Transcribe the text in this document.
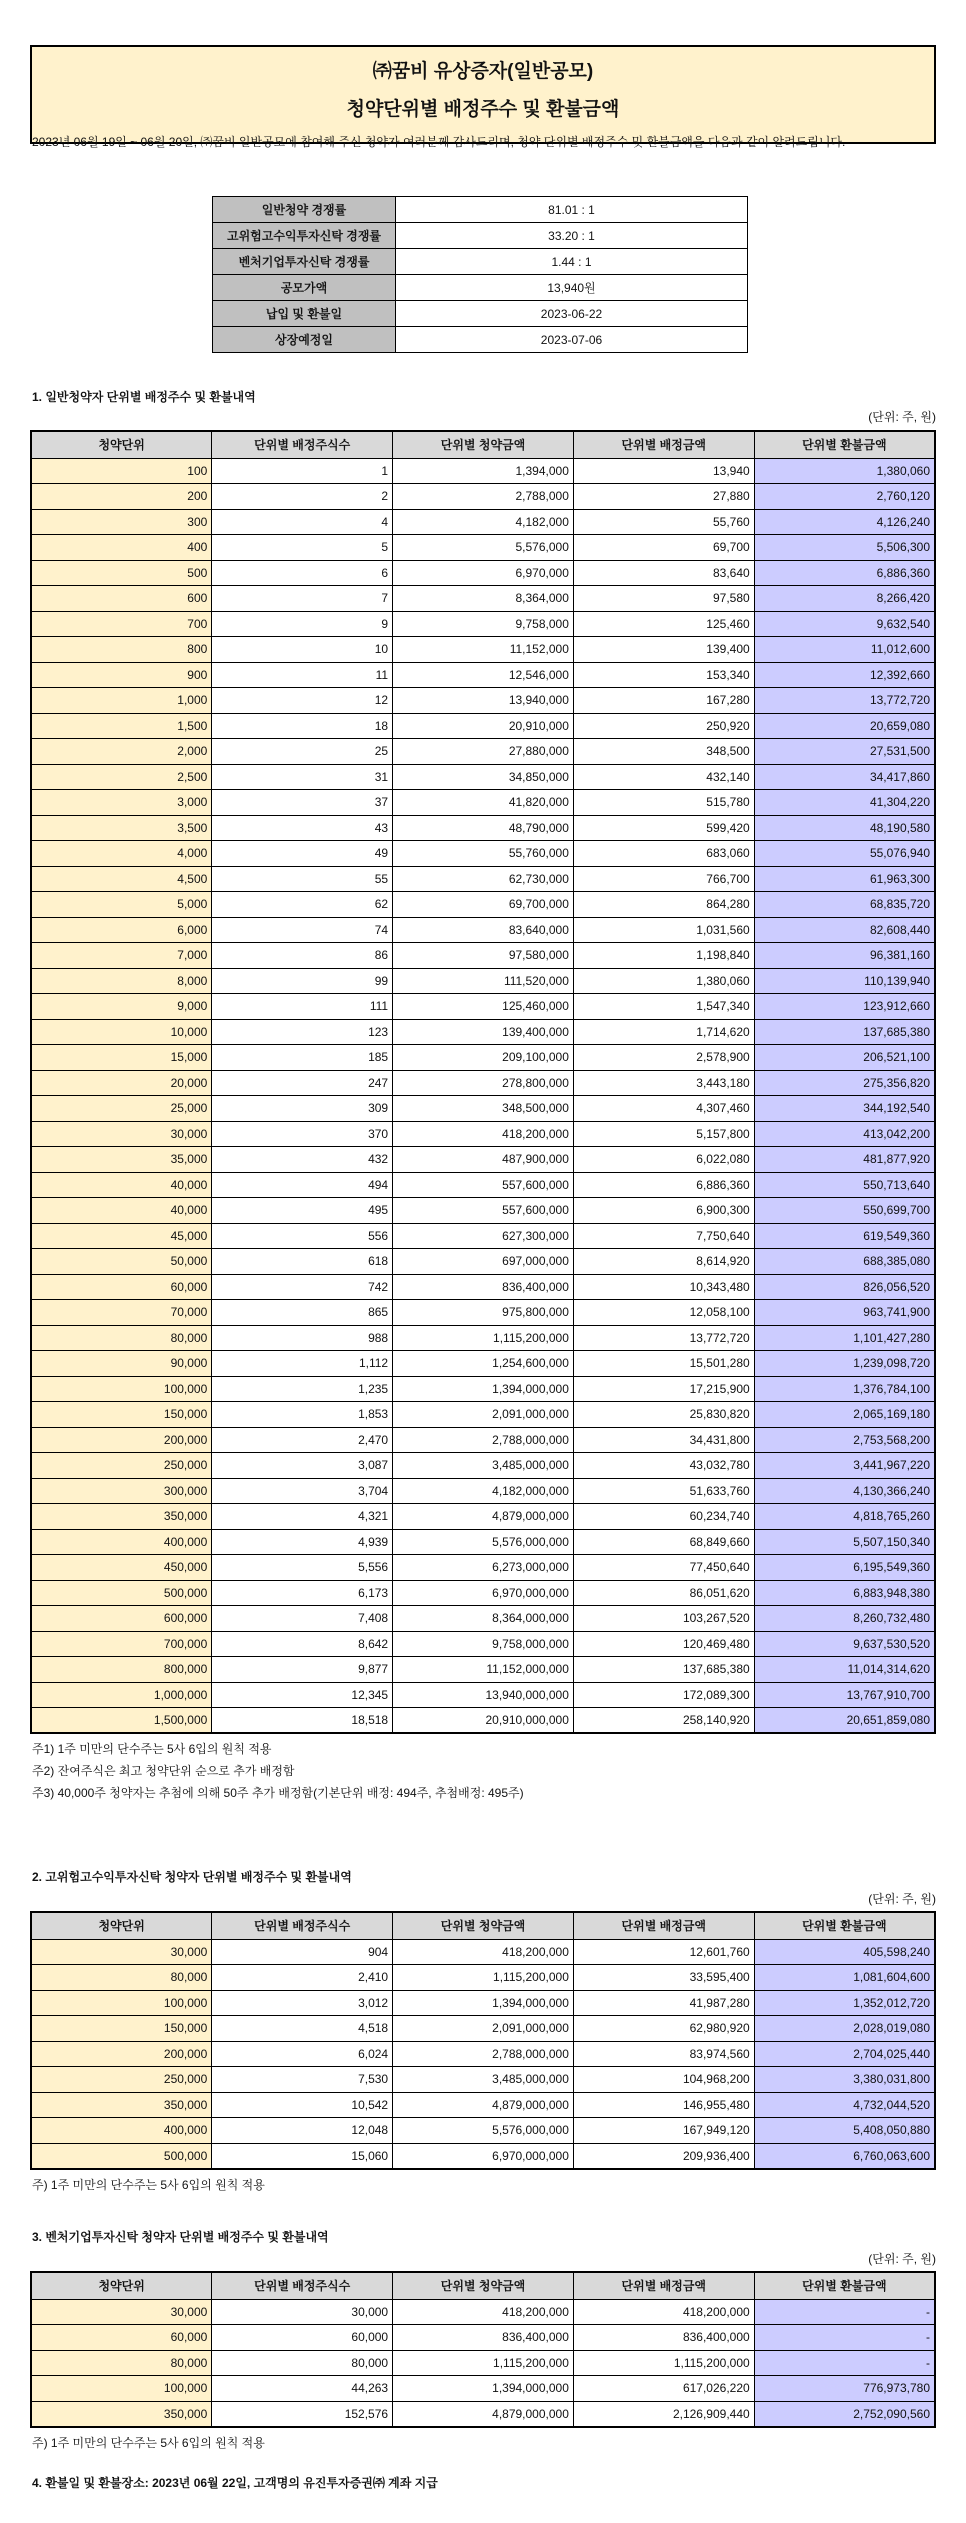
㈜꿈비 유상증자(일반공모)
청약단위별 배정주수 및 환불금액
2023년 06월 19일 ~ 06월 20일, ㈜꿈비 일반공모에 참여해 주신 청약자 여러분께 감사드리며, 청약 단위별 배정주수 및 환불금액을 다음과 같이 알려드립니다.
일반청약 경쟁률	81.01 : 1
고위험고수익투자신탁 경쟁률	33.20 : 1
벤처기업투자신탁 경쟁률	1.44 : 1
공모가액	13,940원
납입 및 환불일	2023-06-22
상장예정일	2023-07-06
1. 일반청약자 단위별 배정주수 및 환불내역
(단위: 주, 원)
청약단위	단위별 배정주식수	단위별 청약금액	단위별 배정금액	단위별 환불금액
100	1	1,394,000	13,940	1,380,060
200	2	2,788,000	27,880	2,760,120
300	4	4,182,000	55,760	4,126,240
400	5	5,576,000	69,700	5,506,300
500	6	6,970,000	83,640	6,886,360
600	7	8,364,000	97,580	8,266,420
700	9	9,758,000	125,460	9,632,540
800	10	11,152,000	139,400	11,012,600
900	11	12,546,000	153,340	12,392,660
1,000	12	13,940,000	167,280	13,772,720
1,500	18	20,910,000	250,920	20,659,080
2,000	25	27,880,000	348,500	27,531,500
2,500	31	34,850,000	432,140	34,417,860
3,000	37	41,820,000	515,780	41,304,220
3,500	43	48,790,000	599,420	48,190,580
4,000	49	55,760,000	683,060	55,076,940
4,500	55	62,730,000	766,700	61,963,300
5,000	62	69,700,000	864,280	68,835,720
6,000	74	83,640,000	1,031,560	82,608,440
7,000	86	97,580,000	1,198,840	96,381,160
8,000	99	111,520,000	1,380,060	110,139,940
9,000	111	125,460,000	1,547,340	123,912,660
10,000	123	139,400,000	1,714,620	137,685,380
15,000	185	209,100,000	2,578,900	206,521,100
20,000	247	278,800,000	3,443,180	275,356,820
25,000	309	348,500,000	4,307,460	344,192,540
30,000	370	418,200,000	5,157,800	413,042,200
35,000	432	487,900,000	6,022,080	481,877,920
40,000	494	557,600,000	6,886,360	550,713,640
40,000	495	557,600,000	6,900,300	550,699,700
45,000	556	627,300,000	7,750,640	619,549,360
50,000	618	697,000,000	8,614,920	688,385,080
60,000	742	836,400,000	10,343,480	826,056,520
70,000	865	975,800,000	12,058,100	963,741,900
80,000	988	1,115,200,000	13,772,720	1,101,427,280
90,000	1,112	1,254,600,000	15,501,280	1,239,098,720
100,000	1,235	1,394,000,000	17,215,900	1,376,784,100
150,000	1,853	2,091,000,000	25,830,820	2,065,169,180
200,000	2,470	2,788,000,000	34,431,800	2,753,568,200
250,000	3,087	3,485,000,000	43,032,780	3,441,967,220
300,000	3,704	4,182,000,000	51,633,760	4,130,366,240
350,000	4,321	4,879,000,000	60,234,740	4,818,765,260
400,000	4,939	5,576,000,000	68,849,660	5,507,150,340
450,000	5,556	6,273,000,000	77,450,640	6,195,549,360
500,000	6,173	6,970,000,000	86,051,620	6,883,948,380
600,000	7,408	8,364,000,000	103,267,520	8,260,732,480
700,000	8,642	9,758,000,000	120,469,480	9,637,530,520
800,000	9,877	11,152,000,000	137,685,380	11,014,314,620
1,000,000	12,345	13,940,000,000	172,089,300	13,767,910,700
1,500,000	18,518	20,910,000,000	258,140,920	20,651,859,080
주1) 1주 미만의 단수주는 5사 6입의 원칙 적용
주2) 잔여주식은 최고 청약단위 순으로 추가 배정함
주3) 40,000주 청약자는 추첨에 의해 50주 추가 배정함(기본단위 배정: 494주, 추첨배정: 495주)
2. 고위험고수익투자신탁 청약자 단위별 배정주수 및 환불내역
(단위: 주, 원)
청약단위	단위별 배정주식수	단위별 청약금액	단위별 배정금액	단위별 환불금액
30,000	904	418,200,000	12,601,760	405,598,240
80,000	2,410	1,115,200,000	33,595,400	1,081,604,600
100,000	3,012	1,394,000,000	41,987,280	1,352,012,720
150,000	4,518	2,091,000,000	62,980,920	2,028,019,080
200,000	6,024	2,788,000,000	83,974,560	2,704,025,440
250,000	7,530	3,485,000,000	104,968,200	3,380,031,800
350,000	10,542	4,879,000,000	146,955,480	4,732,044,520
400,000	12,048	5,576,000,000	167,949,120	5,408,050,880
500,000	15,060	6,970,000,000	209,936,400	6,760,063,600
주) 1주 미만의 단수주는 5사 6입의 원칙 적용
3. 벤처기업투자신탁 청약자 단위별 배정주수 및 환불내역
(단위: 주, 원)
청약단위	단위별 배정주식수	단위별 청약금액	단위별 배정금액	단위별 환불금액
30,000	30,000	418,200,000	418,200,000	-
60,000	60,000	836,400,000	836,400,000	-
80,000	80,000	1,115,200,000	1,115,200,000	-
100,000	44,263	1,394,000,000	617,026,220	776,973,780
350,000	152,576	4,879,000,000	2,126,909,440	2,752,090,560
주) 1주 미만의 단수주는 5사 6입의 원칙 적용
4. 환불일 및 환불장소: 2023년 06월 22일, 고객명의 유진투자증권㈜ 계좌 지급
